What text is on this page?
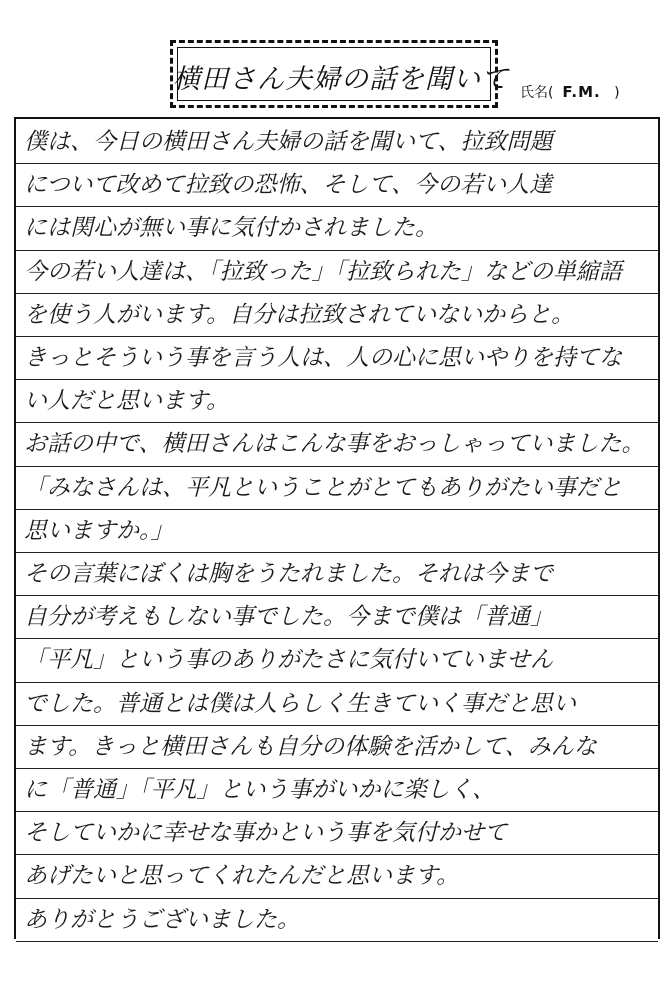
横田さん夫婦の話を聞いて 氏名( F.M. )
僕は、今日の横田さん夫婦の話を聞いて、拉致問題
について改めて拉致の恐怖、そして、今の若い人達
には関心が無い事に気付かされました。
今の若い人達は、「拉致った」「拉致られた」などの単縮語
を使う人がいます。自分は拉致されていないからと。
きっとそういう事を言う人は、人の心に思いやりを持てな
い人だと思います。
お話の中で、横田さんはこんな事をおっしゃっていました。
「みなさんは、平凡ということがとてもありがたい事だと
思いますか。」
その言葉にぼくは胸をうたれました。それは今まで
自分が考えもしない事でした。今まで僕は「普通」
「平凡」という事のありがたさに気付いていません
でした。普通とは僕は人らしく生きていく事だと思い
ます。きっと横田さんも自分の体験を活かして、みんな
に「普通」「平凡」という事がいかに楽しく、
そしていかに幸せな事かという事を気付かせて
あげたいと思ってくれたんだと思います。
ありがとうございました。
